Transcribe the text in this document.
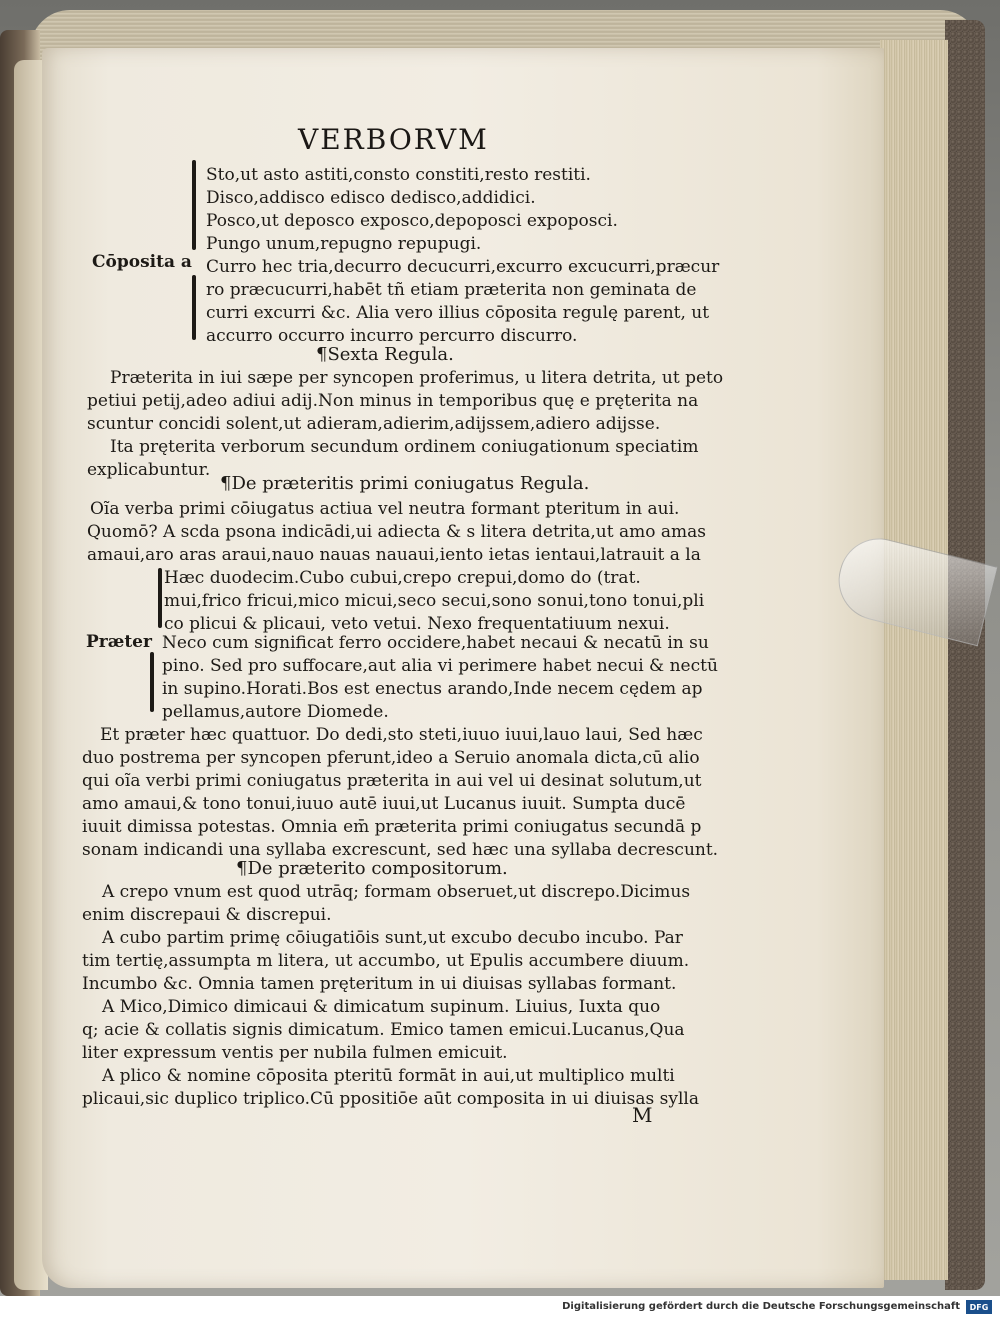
VERBORVM
Cōposita a
Præter
Sto,ut asto astiti,consto constiti,resto restiti.
Disco,addisco edisco dedisco,addidici.
Posco,ut deposco exposco,depoposci expoposci.
Pungo unum,repugno repupugi.
Curro hec tria,decurro decucurri,excurro excucurri,præcur
ro præcucurri,habēt tñ etiam præterita non geminata de
curri excurri &c. Alia vero illius cōposita regulę parent, ut
accurro occurro incurro percurro discurro.
¶Sexta Regula.
Præterita in iui sæpe per syncopen proferimus, u litera detrita, ut peto
petiui petij,adeo adiui adij.Non minus in temporibus quę e pręterita na
scuntur concidi solent,ut adieram,adierim,adijssem,adiero adijsse.
Ita pręterita verborum secundum ordinem coniugationum speciatim
explicabuntur.
¶De præteritis primi coniugatus Regula.
Oĩa verba primi cōiugatus actiua vel neutra formant pteritum in aui.
Quomō? A scda psona indicādi,ui adiecta & s litera detrita,ut amo amas
amaui,aro aras araui,nauo nauas nauaui,iento ietas ientaui,latrauit a la
Hæc duodecim.Cubo cubui,crepo crepui,domo do (trat.
mui,frico fricui,mico micui,seco secui,sono sonui,tono tonui,pli
co plicui & plicaui, veto vetui. Nexo frequentatiuum nexui.
Neco cum significat ferro occidere,habet necaui & necatū in su
pino. Sed pro suffocare,aut alia vi perimere habet necui & nectū
in supino.Horati.Bos est enectus arando,Inde necem cędem ap
pellamus,autore Diomede.
Et præter hæc quattuor. Do dedi,sto steti,iuuo iuui,lauo laui, Sed hæc
duo postrema per syncopen pferunt,ideo a Seruio anomala dicta,cū alio
qui oĩa verbi primi coniugatus præterita in aui vel ui desinat solutum,ut
amo amaui,& tono tonui,iuuo autē iuui,ut Lucanus iuuit. Sumpta ducē
iuuit dimissa potestas. Omnia em̄ præterita primi coniugatus secundā p
sonam indicandi una syllaba excrescunt, sed hæc una syllaba decrescunt.
¶De præterito compositorum.
A crepo vnum est quod utrāq; formam obseruet,ut discrepo.Dicimus
enim discrepaui & discrepui.
A cubo partim primę cōiugatiōis sunt,ut excubo decubo incubo. Par
tim tertię,assumpta m litera, ut accumbo, ut Epulis accumbere diuum.
Incumbo &c. Omnia tamen pręteritum in ui diuisas syllabas formant.
A Mico,Dimico dimicaui & dimicatum supinum. Liuius, Iuxta quo
q; acie & collatis signis dimicatum. Emico tamen emicui.Lucanus,Qua
liter expressum ventis per nubila fulmen emicuit.
A plico & nomine cōposita pteritū formāt in aui,ut multiplico multi
plicaui,sic duplico triplico.Cū ppositiōe aūt composita in ui diuisas sylla
M
Digitalisierung gefördert durch die Deutsche Forschungsgemeinschaft	DFG
